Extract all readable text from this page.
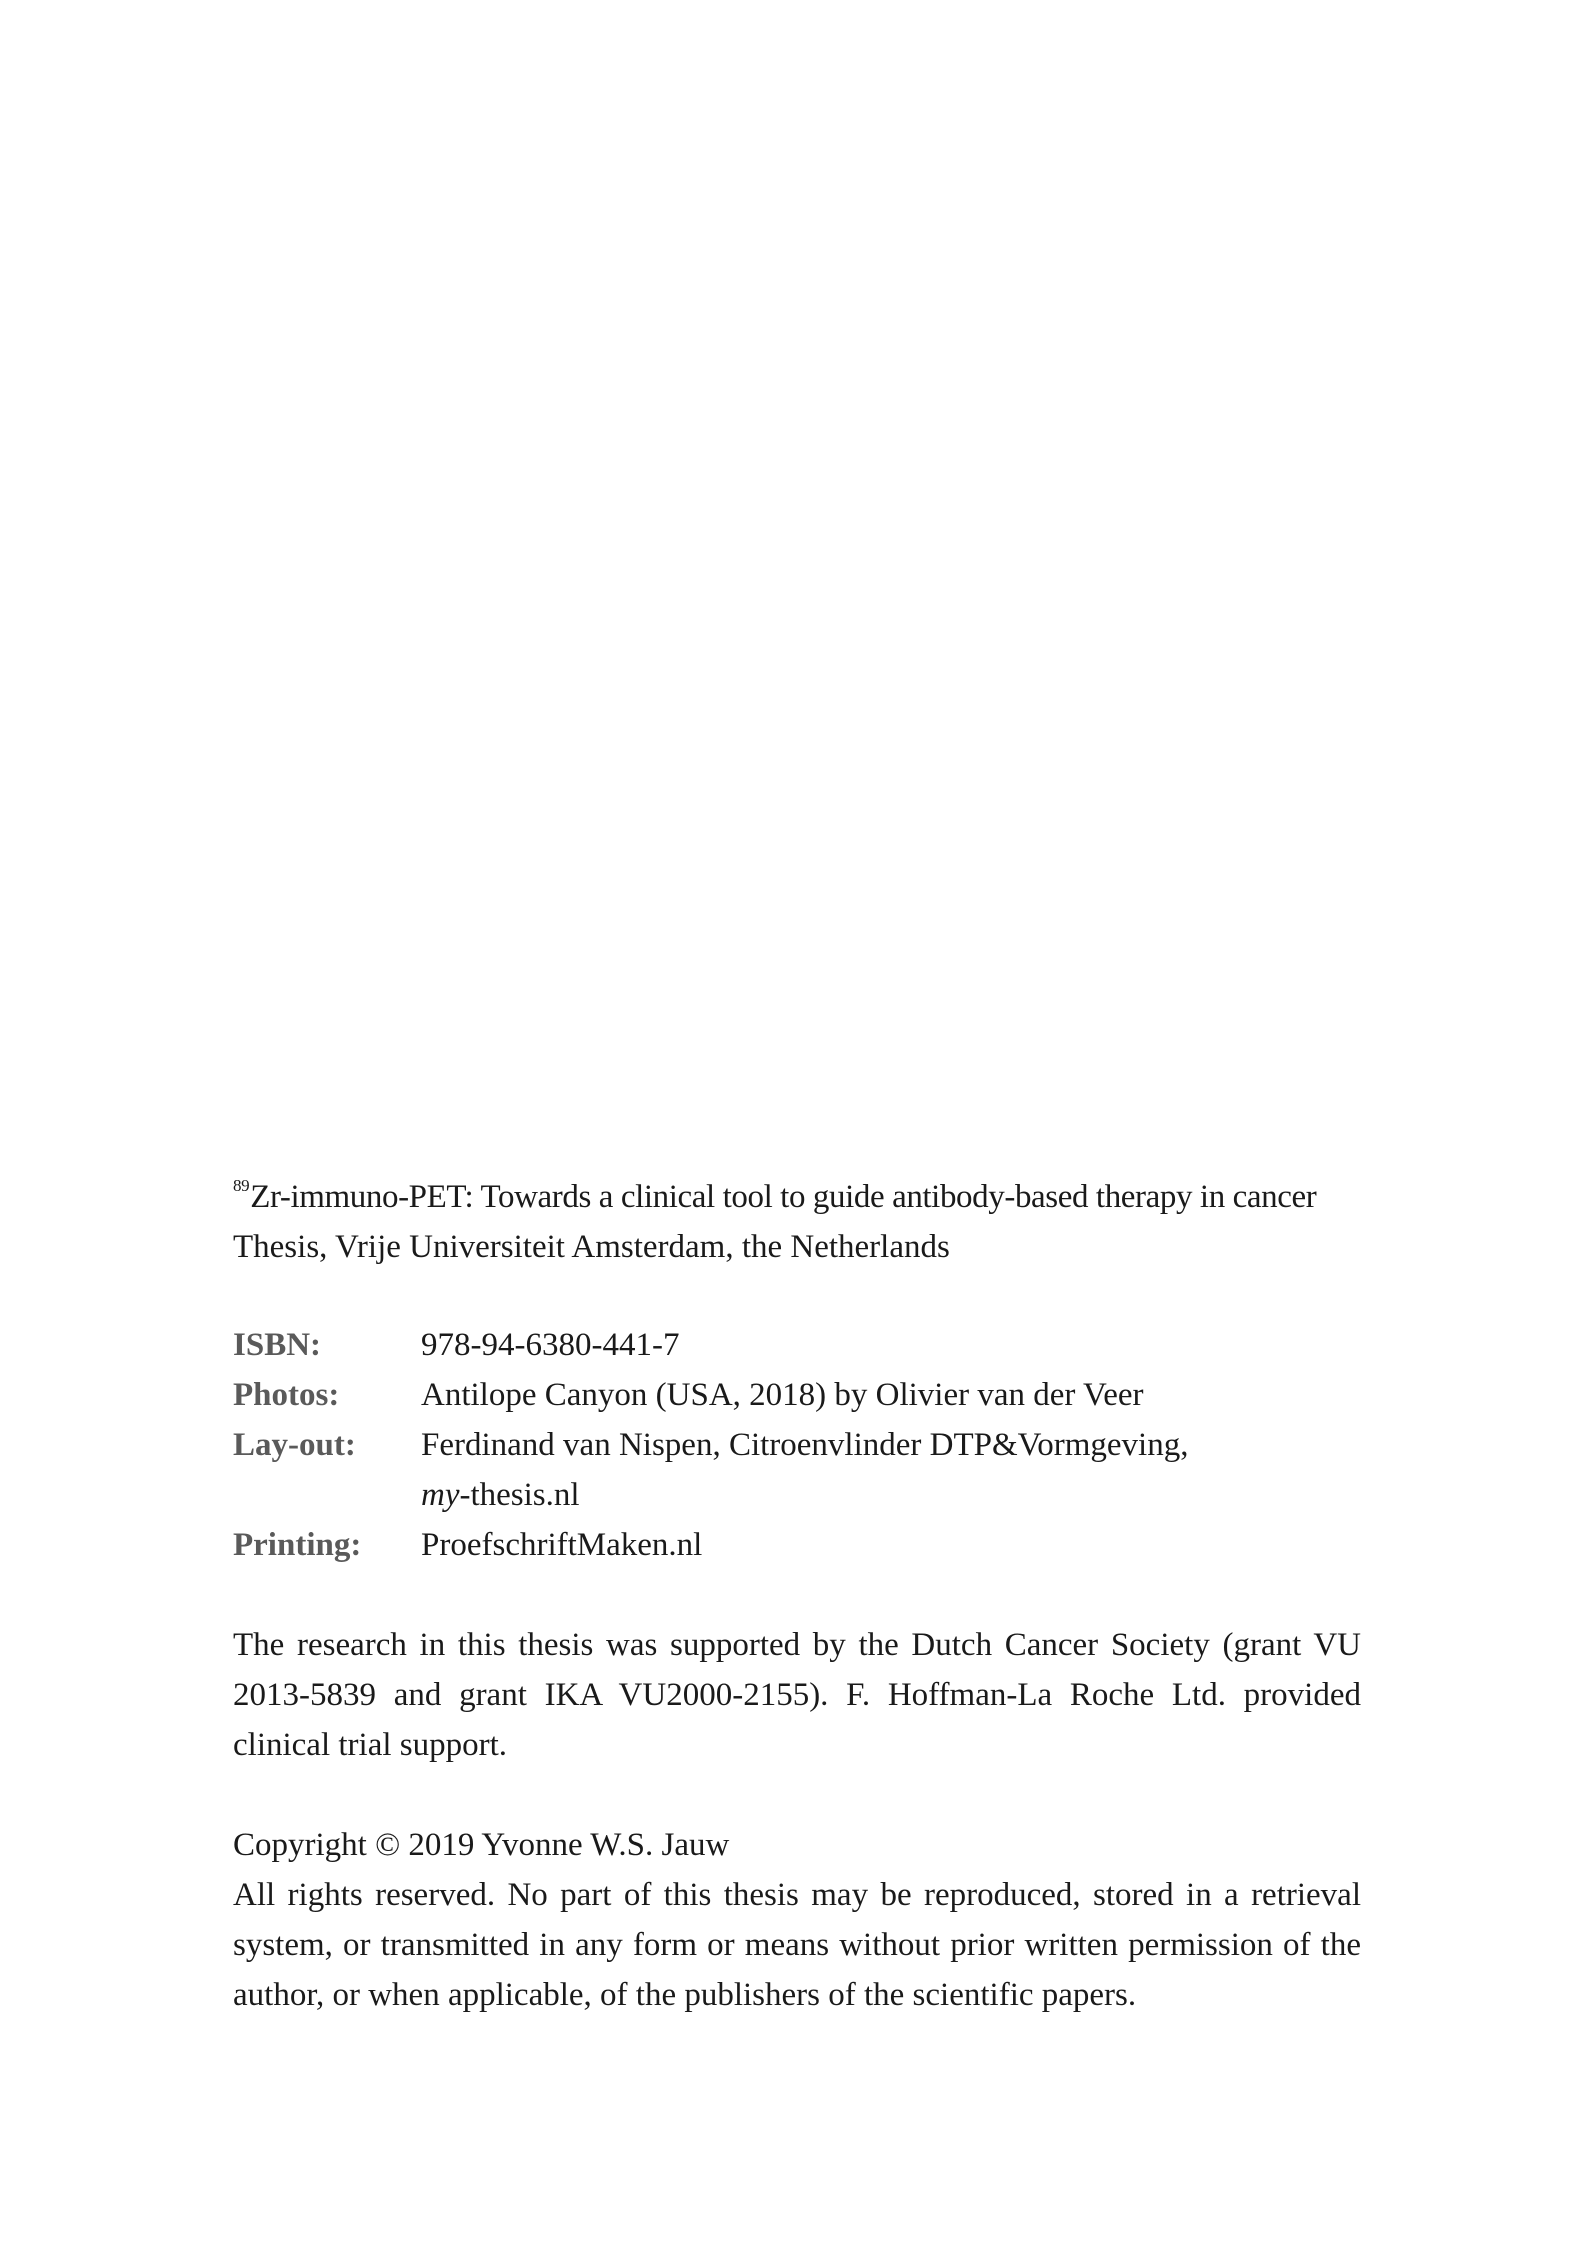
$^{89}$Zr-immuno-PET: Towards a clinical tool to guide antibody-based therapy in cancer
Thesis, Vrije Universiteit Amsterdam, the Netherlands
ISBN:	978-94-6380-441-7
Photos:	Antilope Canyon (USA, 2018) by Olivier van der Veer
Lay-out:	Ferdinand van Nispen, Citroenvlinder DTP&Vormgeving,
my-thesis.nl
Printing:	ProefschriftMaken.nl
The research in this thesis was supported by the Dutch Cancer Society (grant VU 2013-5839 and grant IKA VU2000-2155). F. Hoffman-La Roche Ltd. provided clinical trial support.
Copyright © 2019 Yvonne W.S. Jauw
All rights reserved. No part of this thesis may be reproduced, stored in a retrieval system, or transmitted in any form or means without prior written permission of the author, or when applicable, of the publishers of the scientific papers.
